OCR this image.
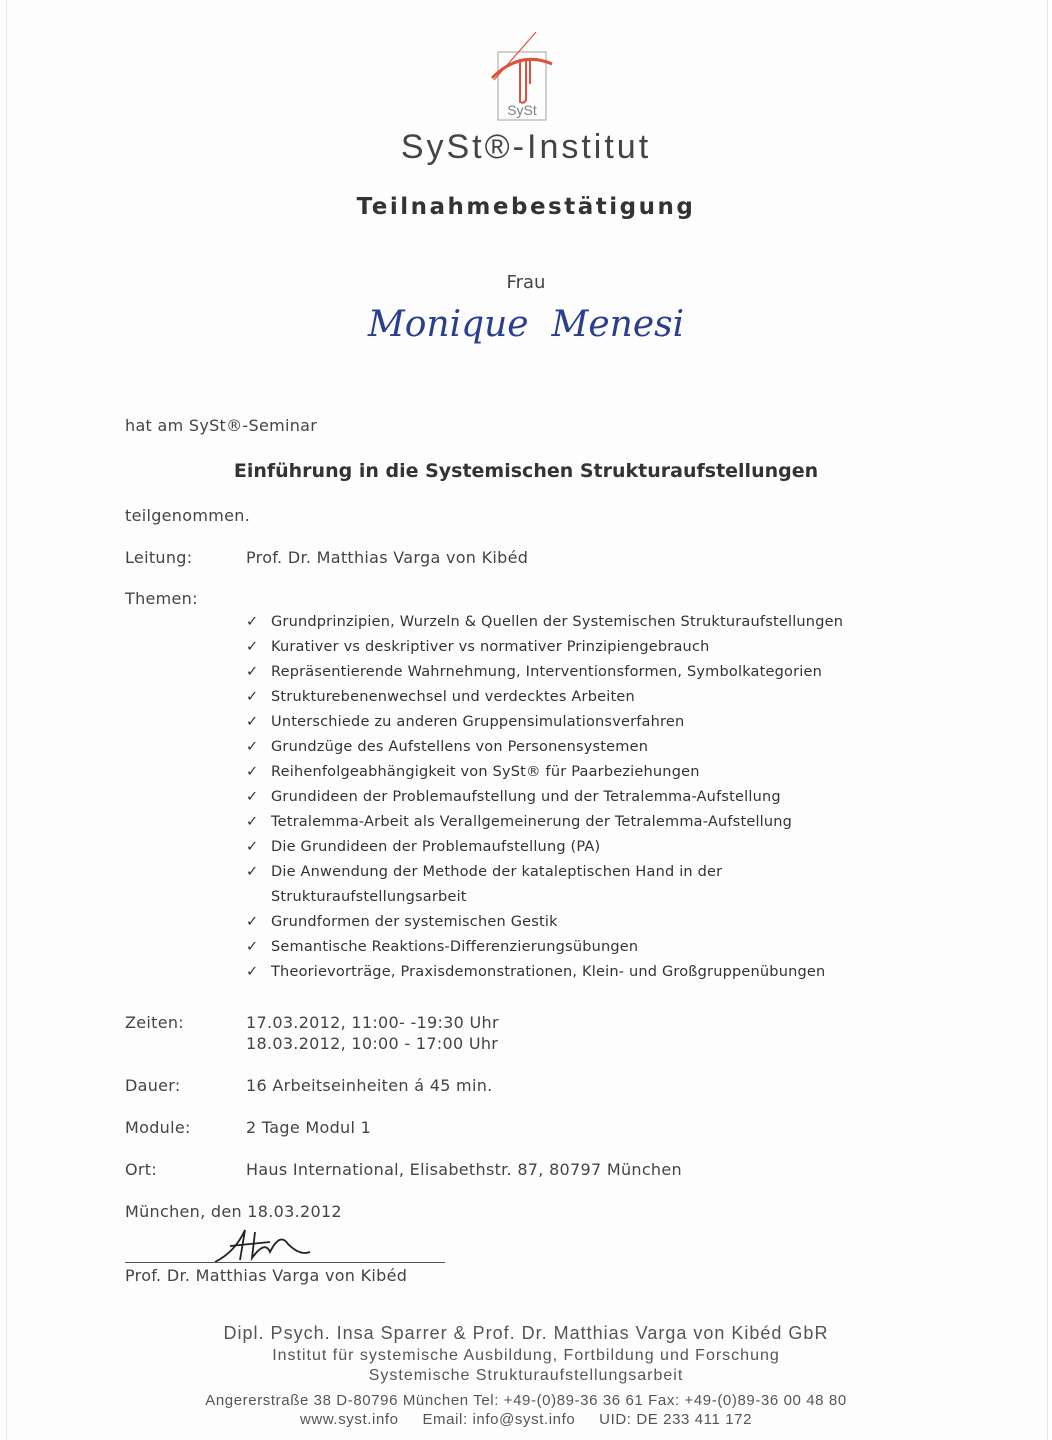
SySt
SySt®-Institut
Teilnahmebestätigung
Frau
Monique  Menesi
hat am SySt®-Seminar
Einführung in die Systemischen Strukturaufstellungen
teilgenommen.
Leitung:	Prof. Dr. Matthias Varga von Kibéd
Themen:
✓ Grundprinzipien, Wurzeln & Quellen der Systemischen Strukturaufstellungen
✓ Kurativer vs deskriptiver vs normativer Prinzipiengebrauch
✓ Repräsentierende Wahrnehmung, Interventionsformen, Symbolkategorien
✓ Strukturebenenwechsel und verdecktes Arbeiten
✓ Unterschiede zu anderen Gruppensimulationsverfahren
✓ Grundzüge des Aufstellens von Personensystemen
✓ Reihenfolgeabhängigkeit von SySt® für Paarbeziehungen
✓ Grundideen der Problemaufstellung und der Tetralemma-Aufstellung
✓ Tetralemma-Arbeit als Verallgemeinerung der Tetralemma-Aufstellung
✓ Die Grundideen der Problemaufstellung (PA)
✓ Die Anwendung der Methode der kataleptischen Hand in der
Strukturaufstellungsarbeit
✓ Grundformen der systemischen Gestik
✓ Semantische Reaktions-Differenzierungsübungen
✓ Theorievorträge, Praxisdemonstrationen, Klein- und Großgruppenübungen
Zeiten:	17.03.2012, 11:00- -19:30 Uhr
18.03.2012, 10:00 - 17:00 Uhr
Dauer:	16 Arbeitseinheiten á 45 min.
Module:	2 Tage Modul 1
Ort:	Haus International, Elisabethstr. 87, 80797 München
München, den 18.03.2012
Prof. Dr. Matthias Varga von Kibéd
Dipl. Psych. Insa Sparrer & Prof. Dr. Matthias Varga von Kibéd GbR
Institut für systemische Ausbildung, Fortbildung und Forschung
Systemische Strukturaufstellungsarbeit
Angererstraße 38 D-80796 München Tel: +49-(0)89-36 36 61 Fax: +49-(0)89-36 00 48 80
www.syst.info     Email: info@syst.info     UID: DE 233 411 172
